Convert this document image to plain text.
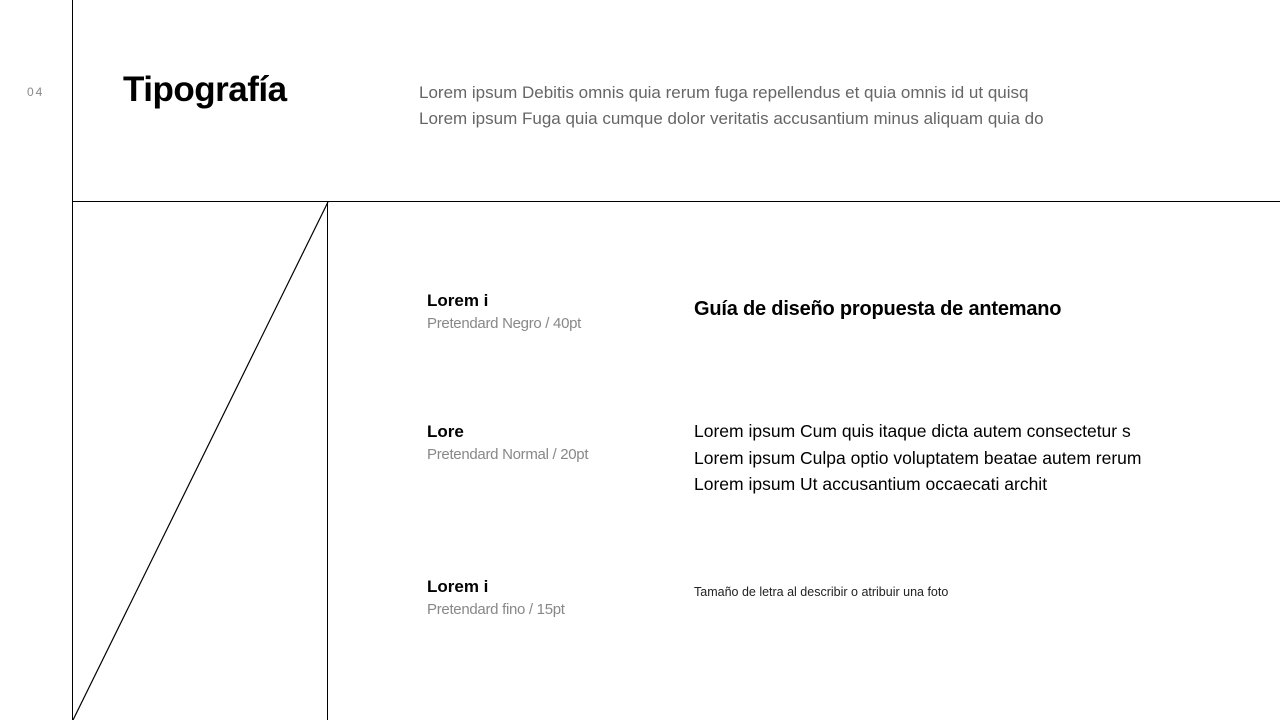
04 Tipografía	Lorem ipsum Debitis omnis quia rerum fuga repellendus et quia omnis id ut quisq
Lorem ipsum Fuga quia cumque dolor veritatis accusantium minus aliquam quia do
Lorem i
Pretendard Negro / 40pt
Lore
Pretendard Normal / 20pt
Lorem i
Pretendard fino / 15pt
Guía de diseño propuesta de antemano
Lorem ipsum Cum quis itaque dicta autem consectetur s
Lorem ipsum Culpa optio voluptatem beatae autem rerum
Lorem ipsum Ut accusantium occaecati archit
Tamaño de letra al describir o atribuir una foto
